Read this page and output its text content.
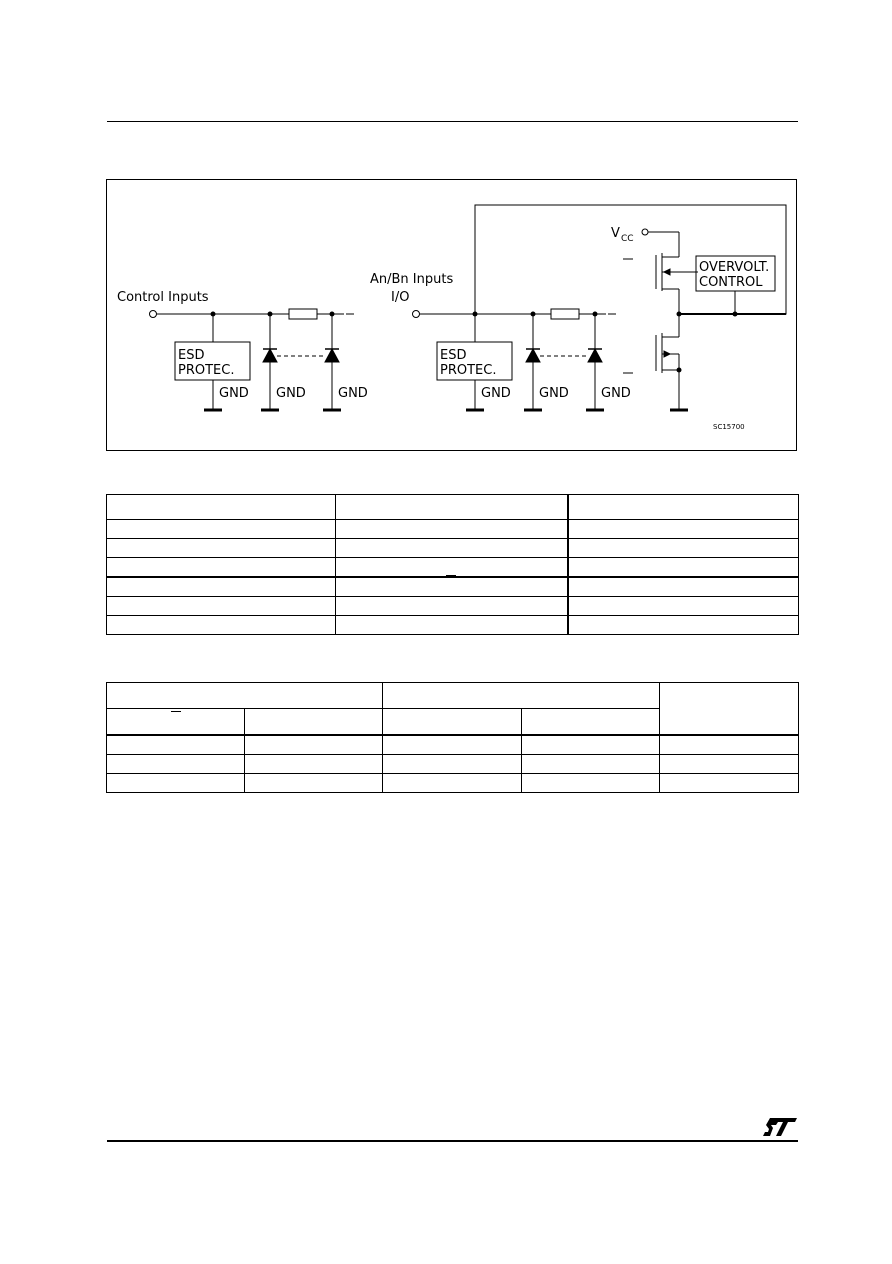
Control Inputs
An/Bn Inputs
I/O
ESD
PROTEC.
ESD
PROTEC.
GND GND GND	GND GND GND
V CC
OVERVOLT.
CONTROL
SC15700
